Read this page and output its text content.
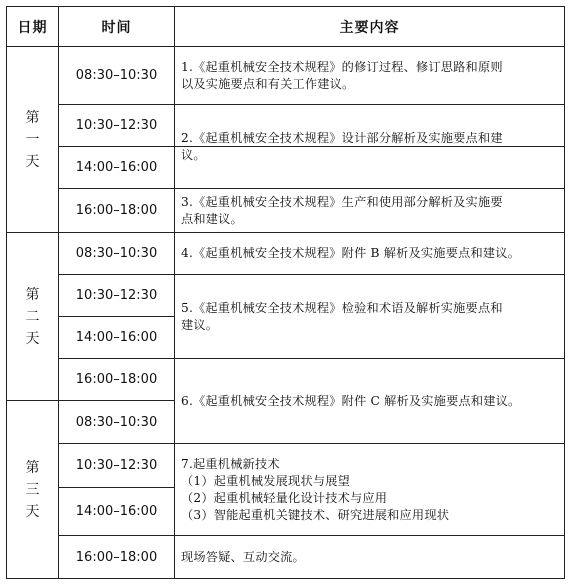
日期	时间	主要内容
第
一
天
第
二
天
第
三
天
08:30–10:30
10:30–12:30
14:00–16:00
16:00–18:00
08:30–10:30
10:30–12:30
14:00–16:00
16:00–18:00
08:30–10:30
10:30–12:30
14:00–16:00
16:00–18:00
1.《起重机械安全技术规程》的修订过程、修订思路和原则
以及实施要点和有关工作建议。
2.《起重机械安全技术规程》设计部分解析及实施要点和建
议。
3.《起重机械安全技术规程》生产和使用部分解析及实施要
点和建议。
4.《起重机械安全技术规程》附件 B 解析及实施要点和建议。
5.《起重机械安全技术规程》检验和术语及解析实施要点和
建议。
6.《起重机械安全技术规程》附件 C 解析及实施要点和建议。
7.起重机械新技术
（1）起重机械发展现状与展望
（2）起重机械轻量化设计技术与应用
（3）智能起重机关键技术、研究进展和应用现状
现场答疑、互动交流。
